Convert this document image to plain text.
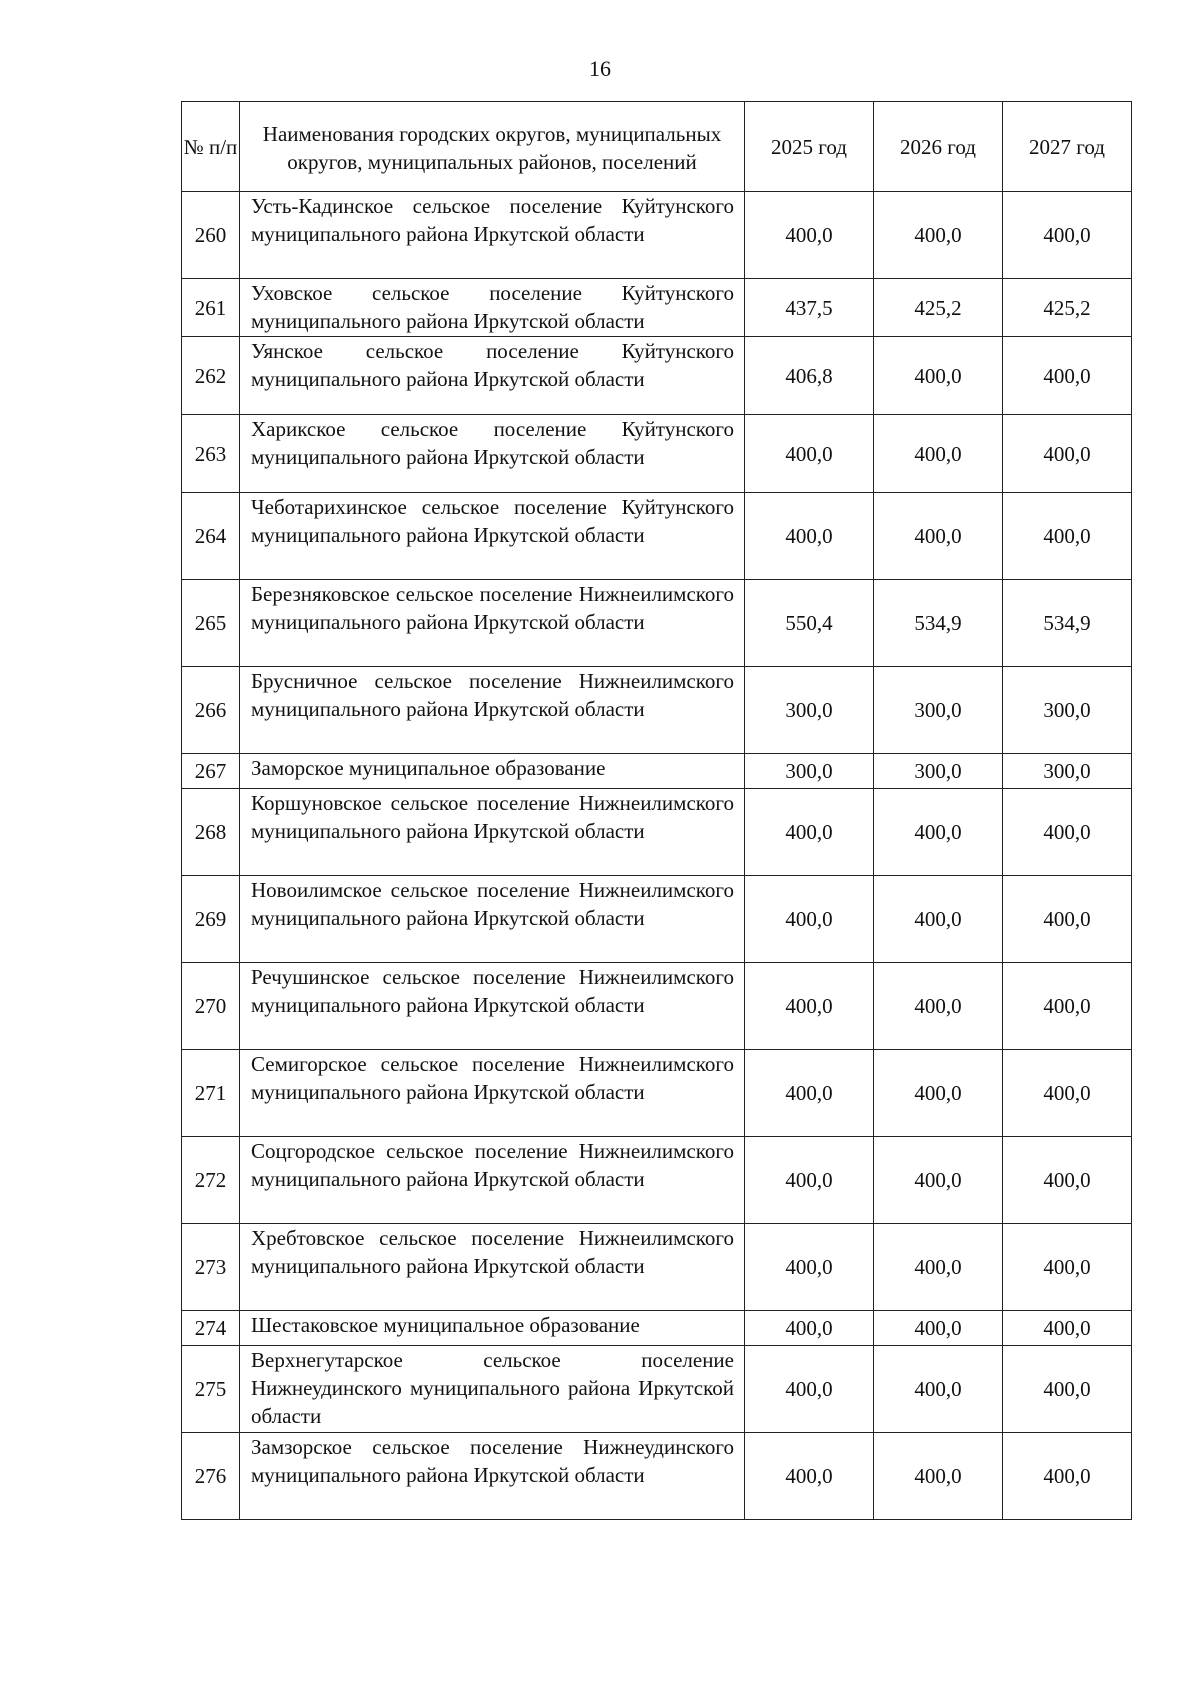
16
№ п/п	Наименования городских округов, муниципальных округов, муниципальных районов, поселений	2025 год	2026 год	2027 год
260	Усть-Кадинское сельское поселение Куйтунского муниципального района Иркутской области	400,0	400,0	400,0
261	Уховское сельское поселение Куйтунского муниципального района Иркутской области	437,5	425,2	425,2
262	Уянское сельское поселение Куйтунского муниципального района Иркутской области	406,8	400,0	400,0
263	Харикское сельское поселение Куйтунского муниципального района Иркутской области	400,0	400,0	400,0
264	Чеботарихинское сельское поселение Куйтунского муниципального района Иркутской области	400,0	400,0	400,0
265	Березняковское сельское поселение Нижнеилимского муниципального района Иркутской области	550,4	534,9	534,9
266	Брусничное сельское поселение Нижнеилимского муниципального района Иркутской области	300,0	300,0	300,0
267	Заморское муниципальное образование	300,0	300,0	300,0
268	Коршуновское сельское поселение Нижнеилимского муниципального района Иркутской области	400,0	400,0	400,0
269	Новоилимское сельское поселение Нижнеилимского муниципального района Иркутской области	400,0	400,0	400,0
270	Речушинское сельское поселение Нижнеилимского муниципального района Иркутской области	400,0	400,0	400,0
271	Семигорское сельское поселение Нижнеилимского муниципального района Иркутской области	400,0	400,0	400,0
272	Соцгородское сельское поселение Нижнеилимского муниципального района Иркутской области	400,0	400,0	400,0
273	Хребтовское сельское поселение Нижнеилимского муниципального района Иркутской области	400,0	400,0	400,0
274	Шестаковское муниципальное образование	400,0	400,0	400,0
275	Верхнегутарское сельское поселение Нижнеудинского муниципального района Иркутской области	400,0	400,0	400,0
276	Замзорское сельское поселение Нижнеудинского муниципального района Иркутской области	400,0	400,0	400,0
